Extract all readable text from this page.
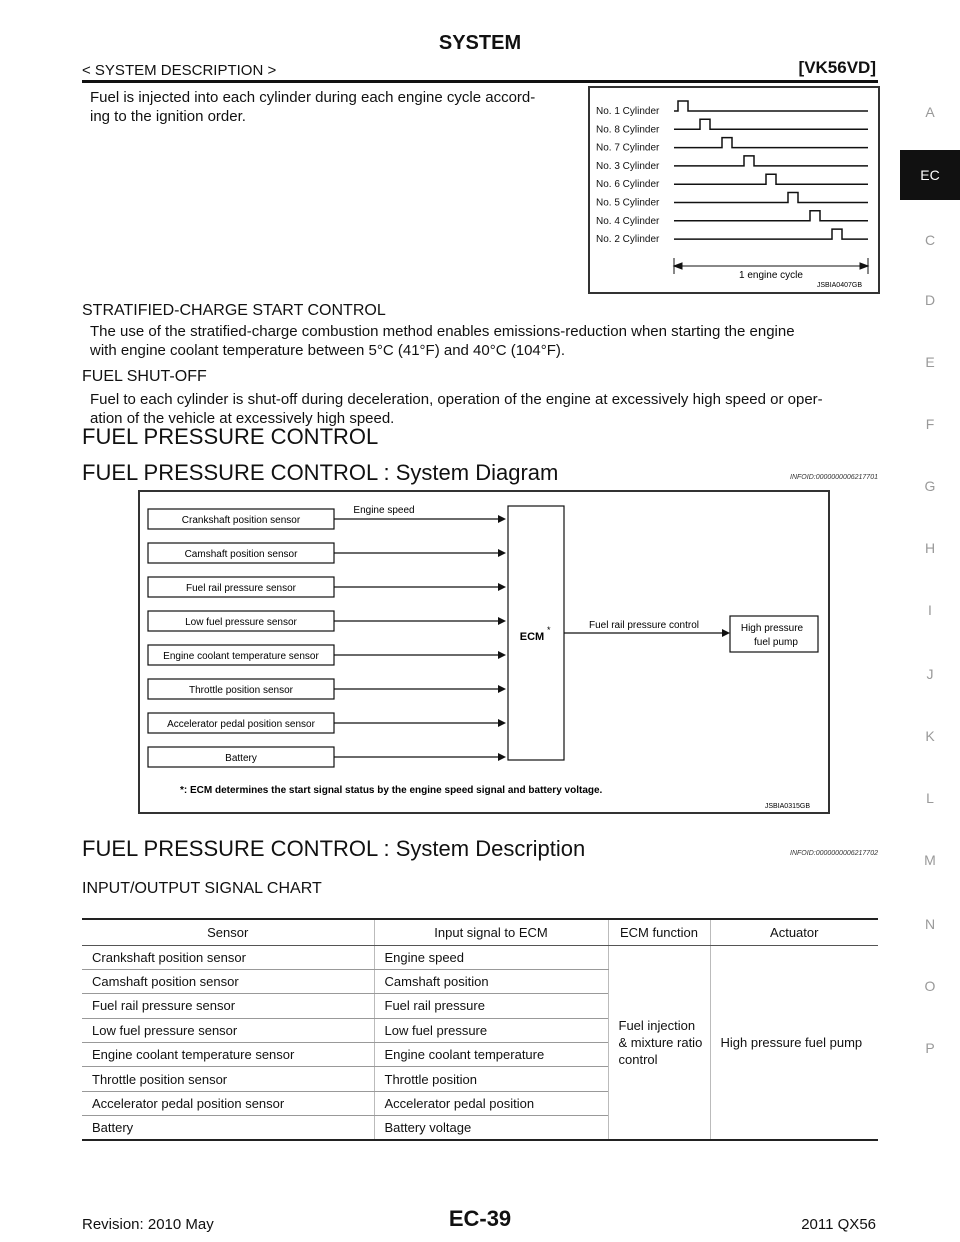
SYSTEM
< SYSTEM DESCRIPTION >	[VK56VD]
Fuel is injected into each cylinder during each engine cycle accord-
ing to the ignition order.	No. 1 Cylinder
No. 8 Cylinder
No. 7 Cylinder
No. 3 Cylinder
No. 6 Cylinder
No. 5 Cylinder
No. 4 Cylinder
No. 2 Cylinder
1 engine cycle
JSBIA0407GB
STRATIFIED-CHARGE START CONTROL
The use of the stratified-charge combustion method enables emissions-reduction when starting the engine
with engine coolant temperature between 5°C (41°F) and 40°C (104°F).
FUEL SHUT-OFF
Fuel to each cylinder is shut-off during deceleration, operation of the engine at excessively high speed or oper-
ation of the vehicle at excessively high speed.
FUEL PRESSURE CONTROL
FUEL PRESSURE CONTROL : System Diagram	INFOID:0000000006217701
Crankshaft position sensor
Camshaft position sensor
Fuel rail pressure sensor
Low fuel pressure sensor
Engine coolant temperature sensor
Throttle position sensor
Accelerator pedal position sensor
Battery
ECM
*
Engine speed
Fuel rail pressure control	High pressure
fuel pump
*: ECM determines the start signal status by the engine speed signal and battery voltage.
JSBIA0315GB
FUEL PRESSURE CONTROL : System Description	INFOID:0000000006217702
INPUT/OUTPUT SIGNAL CHART
Sensor	Input signal to ECM	ECM function	Actuator
Crankshaft position sensor	Engine speed	Fuel injection
& mixture ratio
control	High pressure fuel pump
Camshaft position sensor	Camshaft position		
Fuel rail pressure sensor	Fuel rail pressure		
Low fuel pressure sensor	Low fuel pressure		
Engine coolant temperature sensor	Engine coolant temperature		
Throttle position sensor	Throttle position		
Accelerator pedal position sensor	Accelerator pedal position		
Battery	Battery voltage		
A
EC
C
D
E
F
G
H
I
J
K
L
M
N
O
P
Revision: 2010 May	EC-39	2011 QX56
